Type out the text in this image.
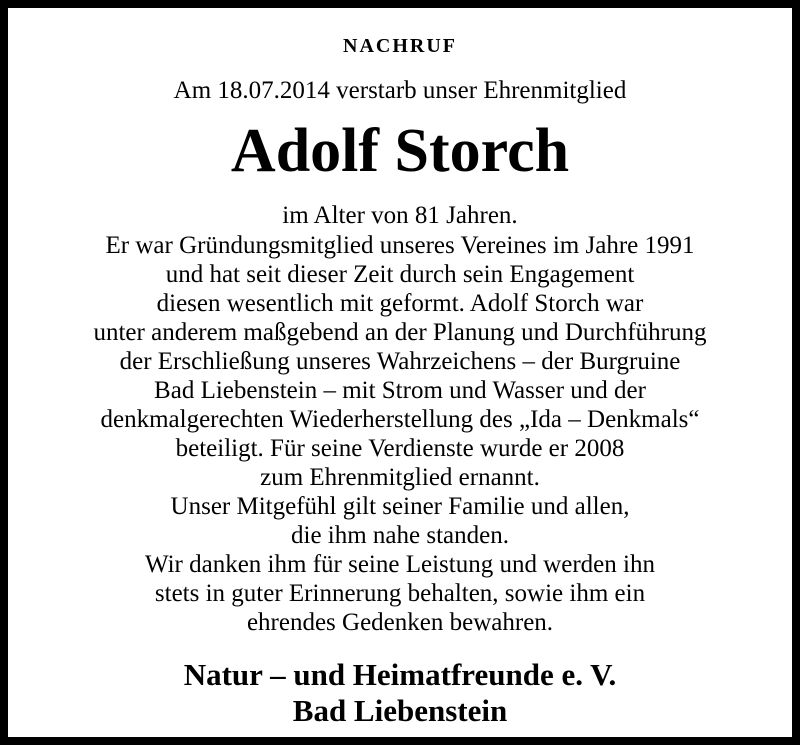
NACHRUF
Am 18.07.2014 verstarb unser Ehrenmitglied
Adolf Storch
im Alter von 81 Jahren.
Er war Gründungsmitglied unseres Vereines im Jahre 1991
und hat seit dieser Zeit durch sein Engagement
diesen wesentlich mit geformt. Adolf Storch war
unter anderem maßgebend an der Planung und Durchführung
der Erschließung unseres Wahrzeichens – der Burgruine
Bad Liebenstein – mit Strom und Wasser und der
denkmalgerechten Wiederherstellung des „Ida – Denkmals“
beteiligt. Für seine Verdienste wurde er 2008
zum Ehrenmitglied ernannt.
Unser Mitgefühl gilt seiner Familie und allen,
die ihm nahe standen.
Wir danken ihm für seine Leistung und werden ihn
stets in guter Erinnerung behalten, sowie ihm ein
ehrendes Gedenken bewahren.
Natur – und Heimatfreunde e. V.
Bad Liebenstein
